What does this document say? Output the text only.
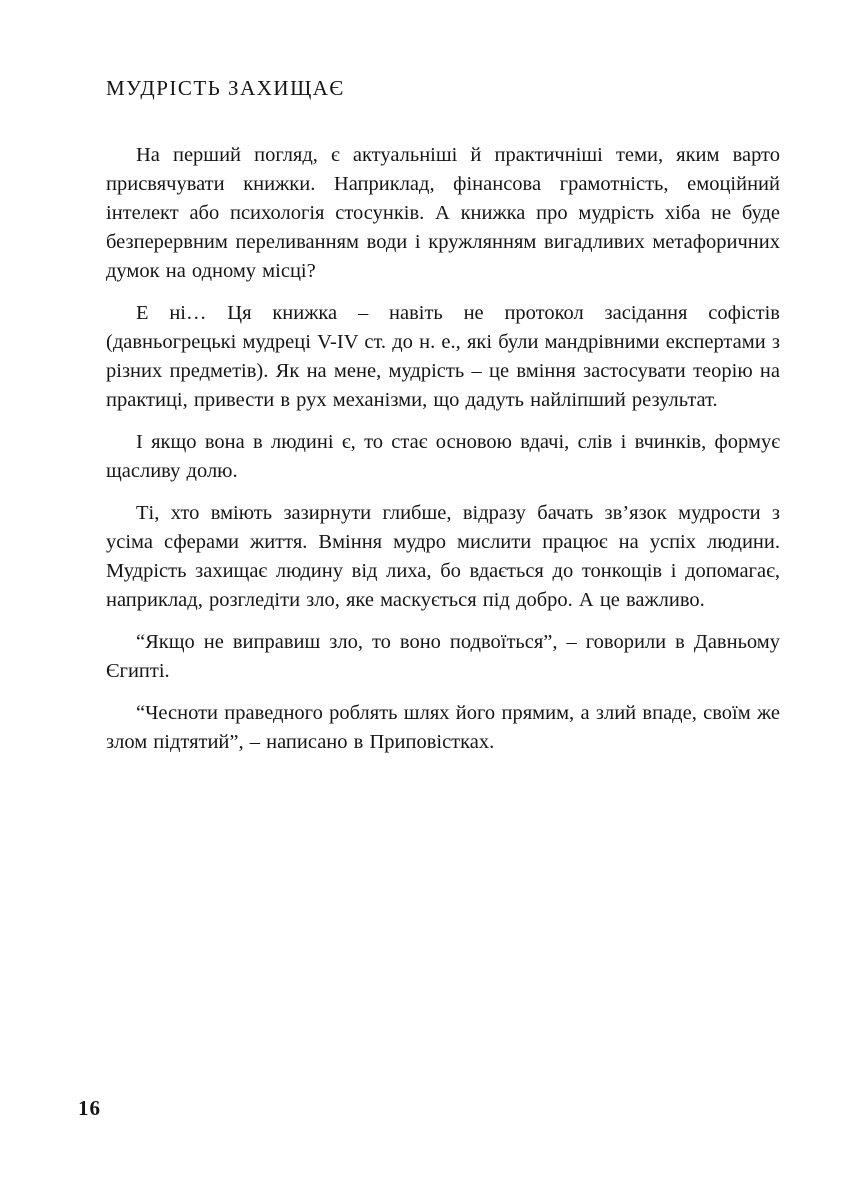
МУДРІСТЬ ЗАХИЩАЄ

На перший погляд, є актуальніші й практичніші теми, яким варто присвячувати книжки. Наприклад, фінансова грамотність, емоційний інтелект або психологія стосунків. А книжка про мудрість хіба не буде безперервним переливанням води і кружлянням вигадливих метафоричних думок на одному місці?

Е ні… Ця книжка – навіть не протокол засідання софістів (давньогрецькі мудреці V-IV ст. до н. е., які були мандрівними експертами з різних предметів). Як на мене, мудрість – це вміння застосувати теорію на практиці, привести в рух механізми, що дадуть найліпший результат.

І якщо вона в людині є, то стає основою вдачі, слів і вчинків, формує щасливу долю.

Ті, хто вміють зазирнути глибше, відразу бачать зв’язок мудрости з усіма сферами життя. Вміння мудро мислити працює на успіх людини. Мудрість захищає людину від лиха, бо вдається до тонкощів і допомагає, наприклад, розгледіти зло, яке маскується під добро. А це важливо.

“Якщо не виправиш зло, то воно подвоїться”, – говорили в Давньому Єгипті.

“Чесноти праведного роблять шлях його прямим, а злий впаде, своїм же злом підтятий”, – написано в Приповістках.

16
